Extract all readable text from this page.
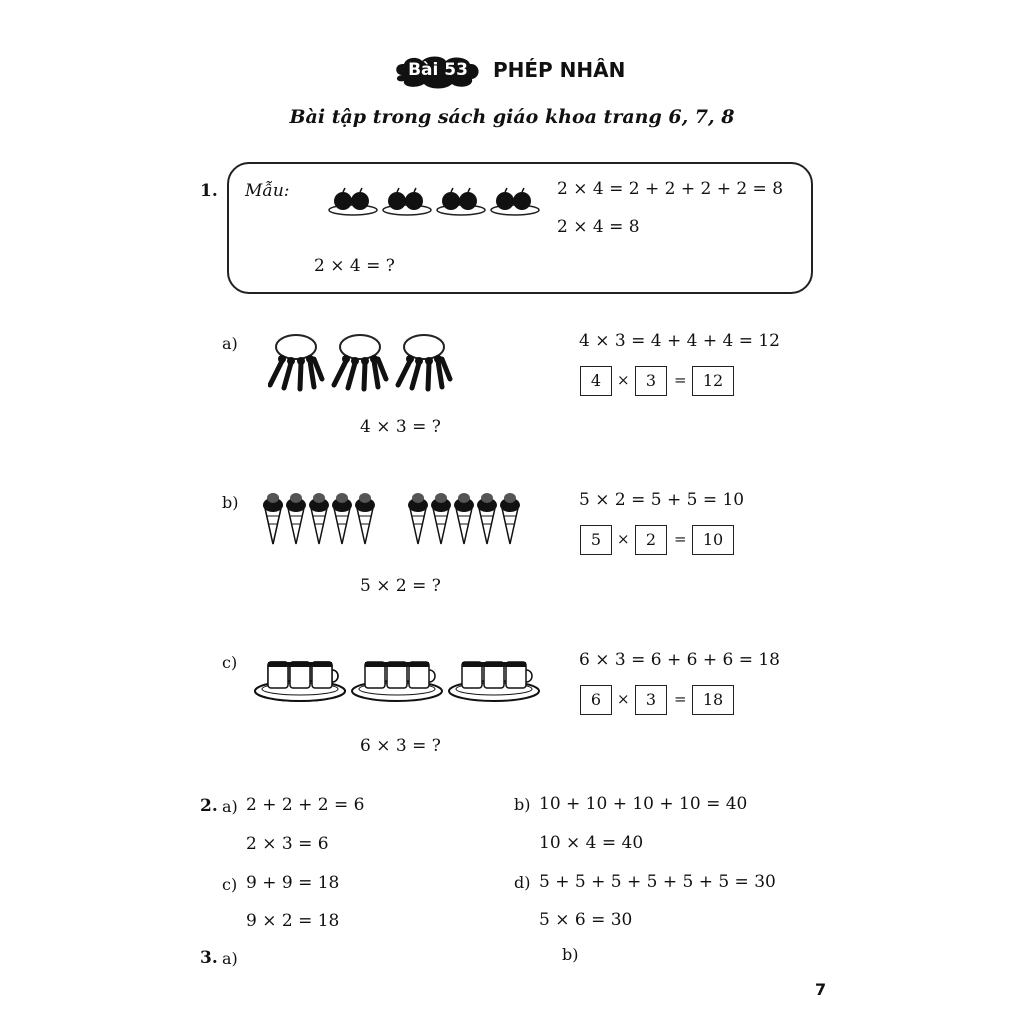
Bài 53	PHÉP NHÂN
Bài tập trong sách giáo khoa trang 6, 7, 8
1. Mẫu:	2 × 4 = 2 + 2 + 2 + 2 = 8
2 × 4 = 8
2 × 4 = ?
a)	4 × 3 = 4 + 4 + 4 = 12
4	×	3	=	12
4 × 3 = ?
b)	5 × 2 = 5 + 5 = 10
5	×	2	=	10
5 × 2 = ?
c)	6 × 3 = 6 + 6 + 6 = 18
6	×	3	=	18
6 × 3 = ?
2. a) 2 + 2 + 2 = 6
2 × 3 = 6
b) 10 + 10 + 10 + 10 = 40
10 × 4 = 40
c) 9 + 9 = 18
9 × 2 = 18
d) 5 + 5 + 5 + 5 + 5 + 5 = 30
5 × 6 = 30
3. a)	b)
7
